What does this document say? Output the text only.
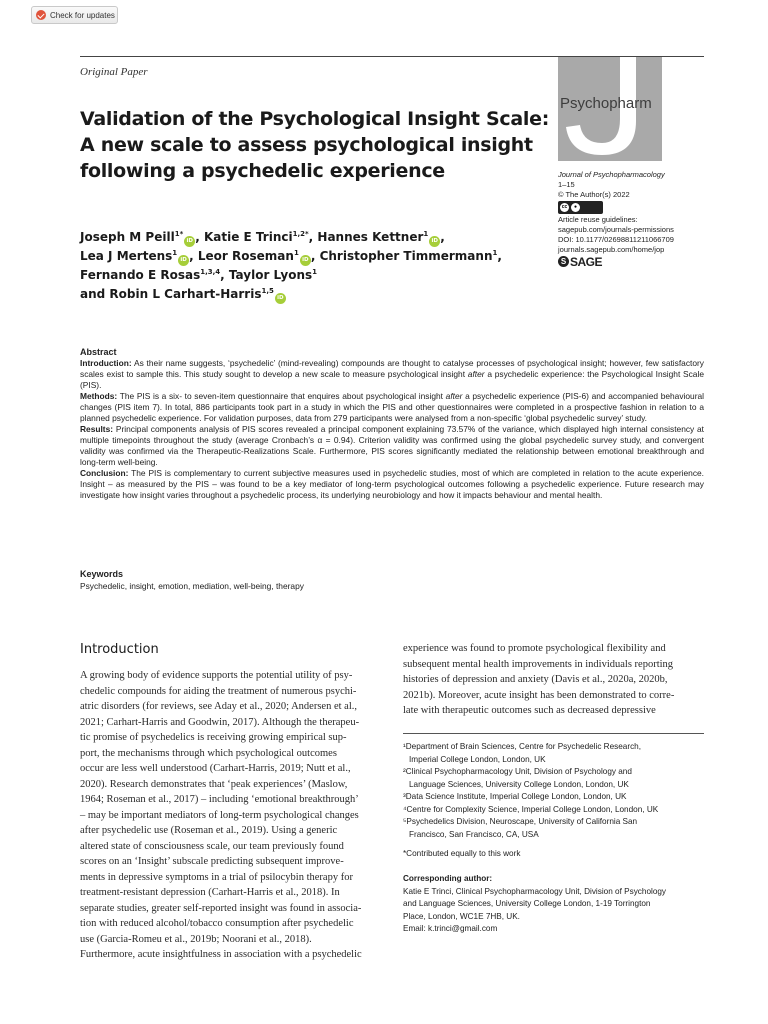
Check for updates
Original Paper
Validation of the Psychological Insight Scale:
A new scale to assess psychological insight
following a psychedelic experience
Psychopharm
Journal of Psychopharmacology
1–15
© The Author(s) 2022
cc	●
Article reuse guidelines:
sagepub.com/journals-permissions
DOI: 10.1177/02698811211066709
journals.sagepub.com/home/jop
S SAGE
Joseph M Peill$^{1*}$iD , Katie E Trinci$^{1,2*}$, Hannes Kettner$^1$iD ,
Lea J Mertens$^1$iD , Leor Roseman$^1$iD , Christopher Timmermann$^1$,
Fernando E Rosas$^{1,3,4}$, Taylor Lyons$^1$
and Robin L Carhart-Harris$^{1,5}$iD

Abstract

Introduction: As their name suggests, ‘psychedelic’ (mind-revealing) compounds are thought to catalyse processes of psychological insight; however, few satisfactory scales exist to sample this. This study sought to develop a new scale to measure psychological insight after a psychedelic experience: the Psychological Insight Scale (PIS).

Methods: The PIS is a six- to seven-item questionnaire that enquires about psychological insight after a psychedelic experience (PIS-6) and accompanied behavioural changes (PIS item 7). In total, 886 participants took part in a study in which the PIS and other questionnaires were completed in a prospective fashion in relation to a planned psychedelic experience. For validation purposes, data from 279 participants were analysed from a non-specific ‘global psychedelic survey’ study.

Results: Principal components analysis of PIS scores revealed a principal component explaining 73.57% of the variance, which displayed high internal consistency at multiple timepoints throughout the study (average Cronbach’s α = 0.94). Criterion validity was confirmed using the global psychedelic survey study, and convergent validity was confirmed via the Therapeutic-Realizations Scale. Furthermore, PIS scores significantly mediated the relationship between emotional breakthrough and long-term well-being.

Conclusion: The PIS is complementary to current subjective measures used in psychedelic studies, most of which are completed in relation to the acute experience. Insight – as measured by the PIS – was found to be a key mediator of long-term psychological outcomes following a psychedelic experience. Future research may investigate how insight varies throughout a psychedelic process, its underlying neurobiology and how it impacts behaviour and mental health.

Keywords
Psychedelic, insight, emotion, mediation, well-being, therapy
Introduction
A growing body of evidence supports the potential utility of psy-
chedelic compounds for aiding the treatment of numerous psychi-
atric disorders (for reviews, see Aday et al., 2020; Andersen et al.,
2021; Carhart-Harris and Goodwin, 2017). Although the therapeu-
tic promise of psychedelics is receiving growing empirical sup-
port, the mechanisms through which psychological outcomes
occur are less well understood (Carhart-Harris, 2019; Nutt et al.,
2020). Research demonstrates that ‘peak experiences’ (Maslow,
1964; Roseman et al., 2017) – including ‘emotional breakthrough’
– may be important mediators of long-term psychological changes
after psychedelic use (Roseman et al., 2019). Using a generic
altered state of consciousness scale, our team previously found
scores on an ‘Insight’ subscale predicting subsequent improve-
ments in depressive symptoms in a trial of psilocybin therapy for
treatment-resistant depression (Carhart-Harris et al., 2018). In
separate studies, greater self-reported insight was found in associa-
tion with reduced alcohol/tobacco consumption after psychedelic
use (Garcia-Romeu et al., 2019b; Noorani et al., 2018).
Furthermore, acute insightfulness in association with a psychedelic
experience was found to promote psychological flexibility and
subsequent mental health improvements in individuals reporting
histories of depression and anxiety (Davis et al., 2020a, 2020b,
2021b). Moreover, acute insight has been demonstrated to corre-
late with therapeutic outcomes such as decreased depressive
¹Department of Brain Sciences, Centre for Psychedelic Research,
Imperial College London, London, UK
²Clinical Psychopharmacology Unit, Division of Psychology and
Language Sciences, University College London, London, UK
³Data Science Institute, Imperial College London, London, UK
⁴Centre for Complexity Science, Imperial College London, London, UK
⁵Psychedelics Division, Neuroscape, University of California San
Francisco, San Francisco, CA, USA
*Contributed equally to this work
Corresponding author:
Katie E Trinci, Clinical Psychopharmacology Unit, Division of Psychology
and Language Sciences, University College London, 1-19 Torrington
Place, London, WC1E 7HB, UK.
Email: k.trinci@gmail.com
